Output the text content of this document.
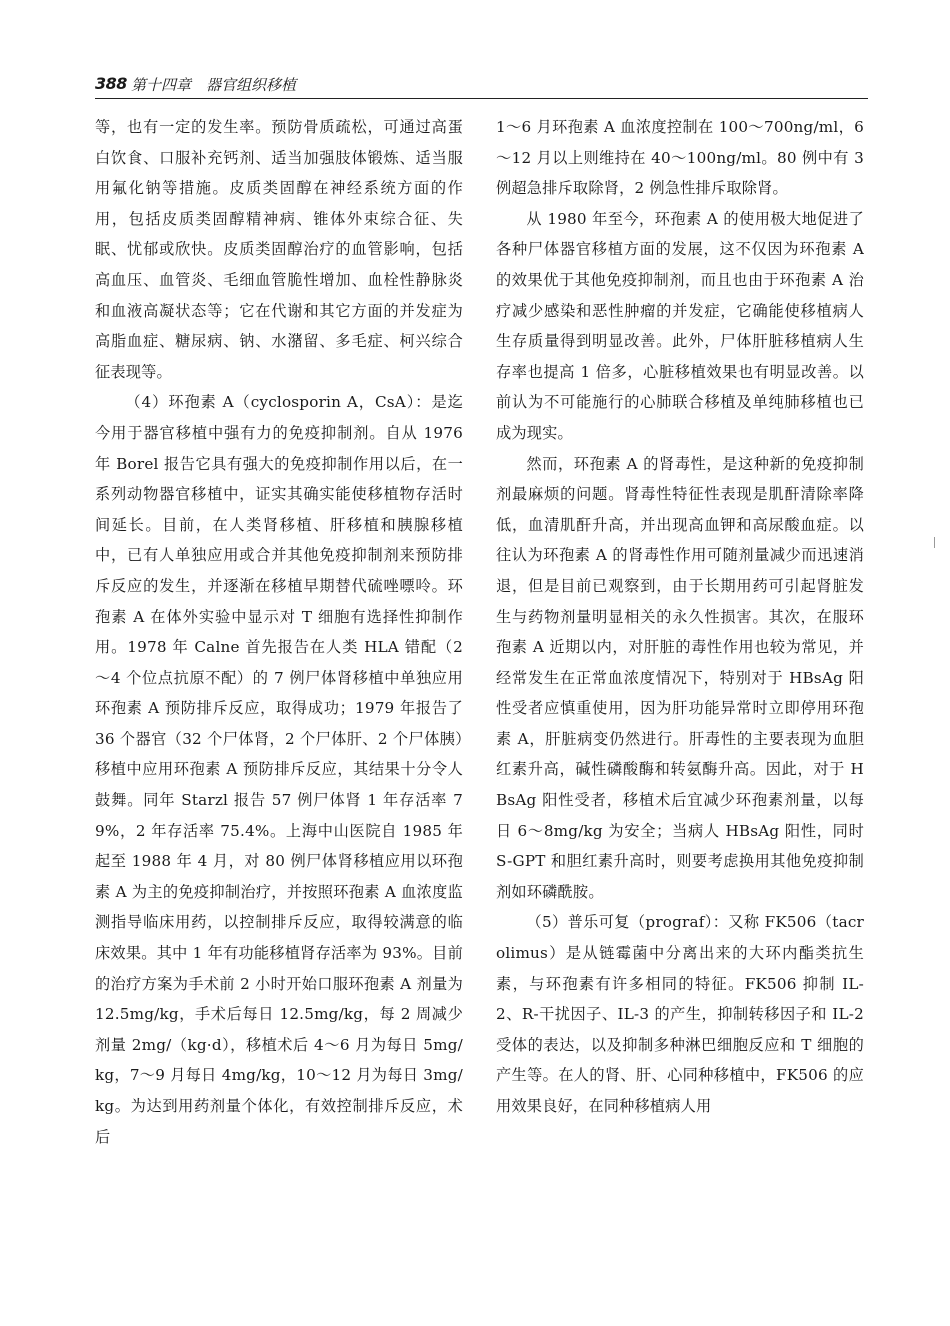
388 第十四章　器官组织移植

等，也有一定的发生率。预防骨质疏松，可通过高蛋白饮食、口服补充钙剂、适当加强肢体锻炼、适当服用氟化钠等措施。皮质类固醇在神经系统方面的作用，包括皮质类固醇精神病、锥体外束综合征、失眠、忧郁或欣快。皮质类固醇治疗的血管影响，包括高血压、血管炎、毛细血管脆性增加、血栓性静脉炎和血液高凝状态等；它在代谢和其它方面的并发症为高脂血症、糖尿病、钠、水潴留、多毛症、柯兴综合征表现等。

（4）环孢素 A（cyclosporin A，CsA）：是迄今用于器官移植中强有力的免疫抑制剂。自从 1976 年 Borel 报告它具有强大的免疫抑制作用以后，在一系列动物器官移植中，证实其确实能使移植物存活时间延长。目前，在人类肾移植、肝移植和胰腺移植中，已有人单独应用或合并其他免疫抑制剂来预防排斥反应的发生，并逐渐在移植早期替代硫唑嘌呤。环孢素 A 在体外实验中显示对 T 细胞有选择性抑制作用。1978 年 Calne 首先报告在人类 HLA 错配（2～4 个位点抗原不配）的 7 例尸体肾移植中单独应用环孢素 A 预防排斥反应，取得成功；1979 年报告了 36 个器官（32 个尸体肾，2 个尸体肝、2 个尸体胰）移植中应用环孢素 A 预防排斥反应，其结果十分令人鼓舞。同年 Starzl 报告 57 例尸体肾 1 年存活率 79%，2 年存活率 75.4%。上海中山医院自 1985 年起至 1988 年 4 月，对 80 例尸体肾移植应用以环孢素 A 为主的免疫抑制治疗，并按照环孢素 A 血浓度监测指导临床用药，以控制排斥反应，取得较满意的临床效果。其中 1 年有功能移植肾存活率为 93%。目前的治疗方案为手术前 2 小时开始口服环孢素 A 剂量为 12.5mg/kg，手术后每日 12.5mg/kg，每 2 周减少剂量 2mg/（kg·d），移植术后 4～6 月为每日 5mg/kg，7～9 月每日 4mg/kg，10～12 月为每日 3mg/kg。为达到用药剂量个体化，有效控制排斥反应，术后

1～6 月环孢素 A 血浓度控制在 100～700ng/ml，6～12 月以上则维持在 40～100ng/ml。80 例中有 3 例超急排斥取除肾，2 例急性排斥取除肾。

从 1980 年至今，环孢素 A 的使用极大地促进了各种尸体器官移植方面的发展，这不仅因为环孢素 A 的效果优于其他免疫抑制剂，而且也由于环孢素 A 治疗减少感染和恶性肿瘤的并发症，它确能使移植病人生存质量得到明显改善。此外，尸体肝脏移植病人生存率也提高 1 倍多，心脏移植效果也有明显改善。以前认为不可能施行的心肺联合移植及单纯肺移植也已成为现实。

然而，环孢素 A 的肾毒性，是这种新的免疫抑制剂最麻烦的问题。肾毒性特征性表现是肌酐清除率降低，血清肌酐升高，并出现高血钾和高尿酸血症。以往认为环孢素 A 的肾毒性作用可随剂量减少而迅速消退，但是目前已观察到，由于长期用药可引起肾脏发生与药物剂量明显相关的永久性损害。其次，在服环孢素 A 近期以内，对肝脏的毒性作用也较为常见，并经常发生在正常血浓度情况下，特别对于 HBsAg 阳性受者应慎重使用，因为肝功能异常时立即停用环孢素 A，肝脏病变仍然进行。肝毒性的主要表现为血胆红素升高，碱性磷酸酶和转氨酶升高。因此，对于 HBsAg 阳性受者，移植术后宜减少环孢素剂量，以每日 6～8mg/kg 为安全；当病人 HBsAg 阳性，同时 S-GPT 和胆红素升高时，则要考虑换用其他免疫抑制剂如环磷酰胺。

（5）普乐可复（prograf）：又称 FK506（tacrolimus）是从链霉菌中分离出来的大环内酯类抗生素，与环孢素有许多相同的特征。FK506 抑制 IL-2、R-干扰因子、IL-3 的产生，抑制转移因子和 IL-2 受体的表达，以及抑制多种淋巴细胞反应和 T 细胞的产生等。在人的肾、肝、心同种移植中，FK506 的应用效果良好，在同种移植病人用
